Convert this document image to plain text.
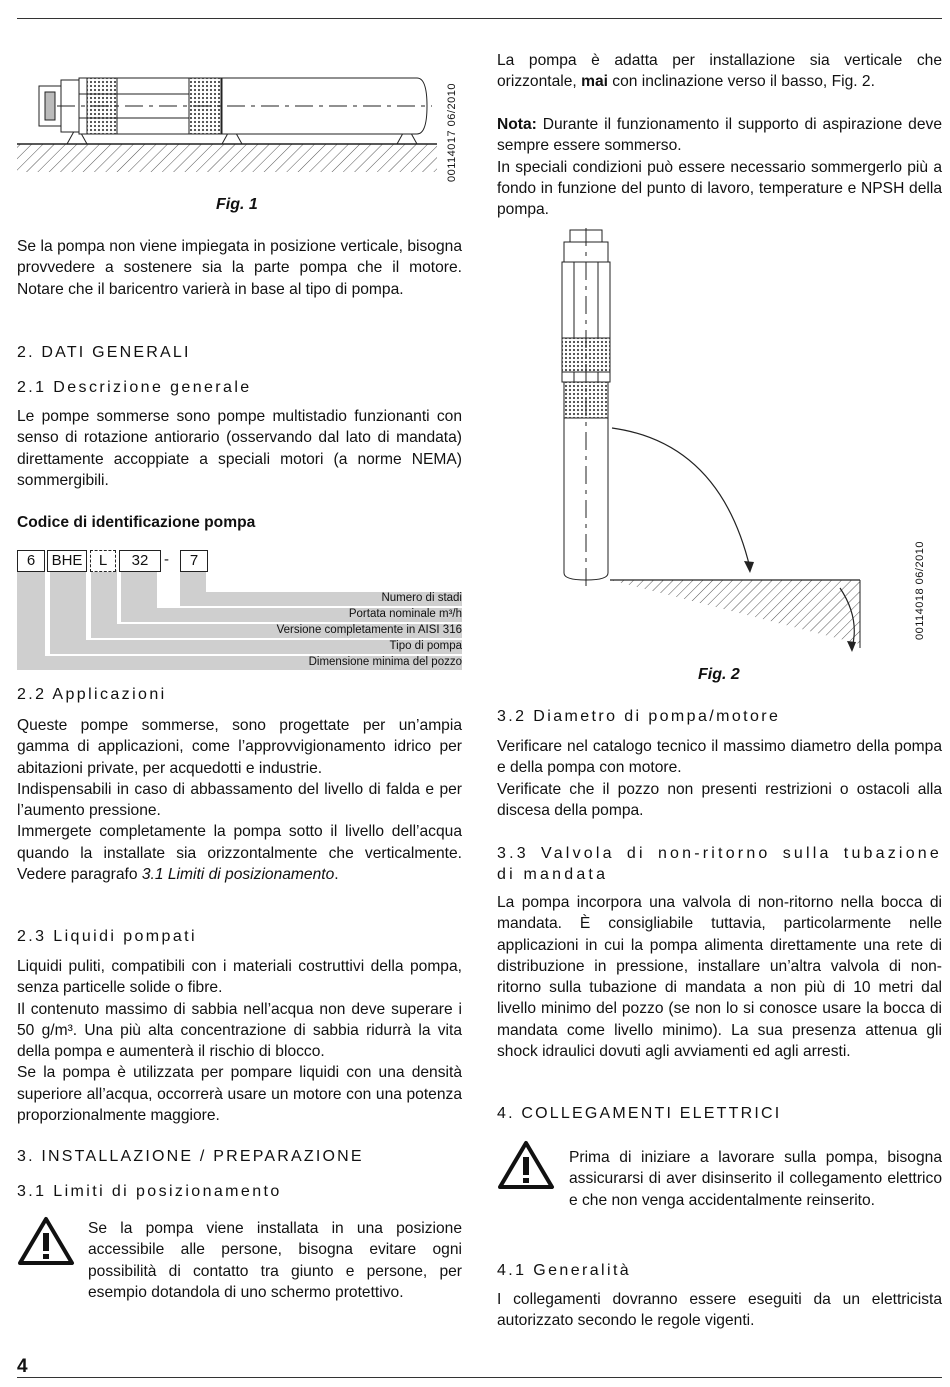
Fig. 1
00114017 06/2010
Se la pompa non viene impiegata in posizione verticale, bisogna provvedere a sostenere sia la parte pompa che il motore. Notare che il baricentro varierà in base al tipo di pompa.
2. DATI GENERALI
2.1 Descrizione generale
Le pompe sommerse sono pompe multistadio funzionanti con senso di rotazione antiorario (osservando dal lato di mandata) direttamente accoppiate a speciali motori (a norme NEMA) sommergibili.
Codice di identificazione pompa
6	BHE	L	32	-	7
Numero di stadi
Portata nominale m³/h
Versione completamente in AISI 316
Tipo di pompa
Dimensione minima del pozzo
2.2 Applicazioni

Queste pompe sommerse, sono progettate per un’ampia gamma di applicazioni, come l’approvvigionamento idrico per abitazioni private, per acquedotti e industrie.

Indispensabili in caso di abbassamento del livello di falda e per l’aumento pressione.

Immergete completamente la pompa sotto il livello dell’acqua quando la installate sia orizzontalmente che verticalmente. Vedere paragrafo 3.1 Limiti di posizionamento.

2.3 Liquidi pompati

Liquidi puliti, compatibili con i materiali costruttivi della pompa, senza particelle solide o fibre.

Il contenuto massimo di sabbia nell’acqua non deve superare i 50 g/m³. Una più alta concentrazione di sabbia ridurrà la vita della pompa e aumenterà il rischio di blocco.

Se la pompa è utilizzata per pompare liquidi con una densità superiore all’acqua, occorrerà usare un motore con una potenza proporzionalmente maggiore.

3. INSTALLAZIONE / PREPARAZIONE
3.1 Limiti di posizionamento
Se la pompa viene installata in una posizione accessibile alle persone, bisogna evitare ogni possibilità di contatto tra giunto e persone, per esempio dotandola di uno schermo protettivo.
4
La pompa è adatta per installazione sia verticale che orizzontale, mai con inclinazione verso il basso, Fig. 2.

Nota: Durante il funzionamento il supporto di aspirazione deve sempre essere sommerso.

In speciali condizioni può essere necessario sommergerlo più a fondo in funzione del punto di lavoro, temperature e NPSH della pompa.

00114018 06/2010
Fig. 2
3.2 Diametro di pompa/motore

Verificare nel catalogo tecnico il massimo diametro della pompa e della pompa con motore.

Verificate che il pozzo non presenti restrizioni o ostacoli alla discesa della pompa.

3.3 Valvola di non-ritorno sulla tubazione di mandata
La pompa incorpora una valvola di non-ritorno nella bocca di mandata. È consigliabile tuttavia, particolarmente nelle applicazioni in cui la pompa alimenta direttamente una rete di distribuzione in pressione, installare un’altra valvola di non-ritorno sulla tubazione di mandata a non più di 10 metri dal livello minimo del pozzo (se non lo si conosce usare la bocca di mandata come livello minimo). La sua presenza attenua gli shock idraulici dovuti agli avviamenti ed agli arresti.
4. COLLEGAMENTI ELETTRICI
Prima di iniziare a lavorare sulla pompa, bisogna assicurarsi di aver disinserito il collegamento elettrico e che non venga accidentalmente reinserito.
4.1 Generalità
I collegamenti dovranno essere eseguiti da un elettricista autorizzato secondo le regole vigenti.
